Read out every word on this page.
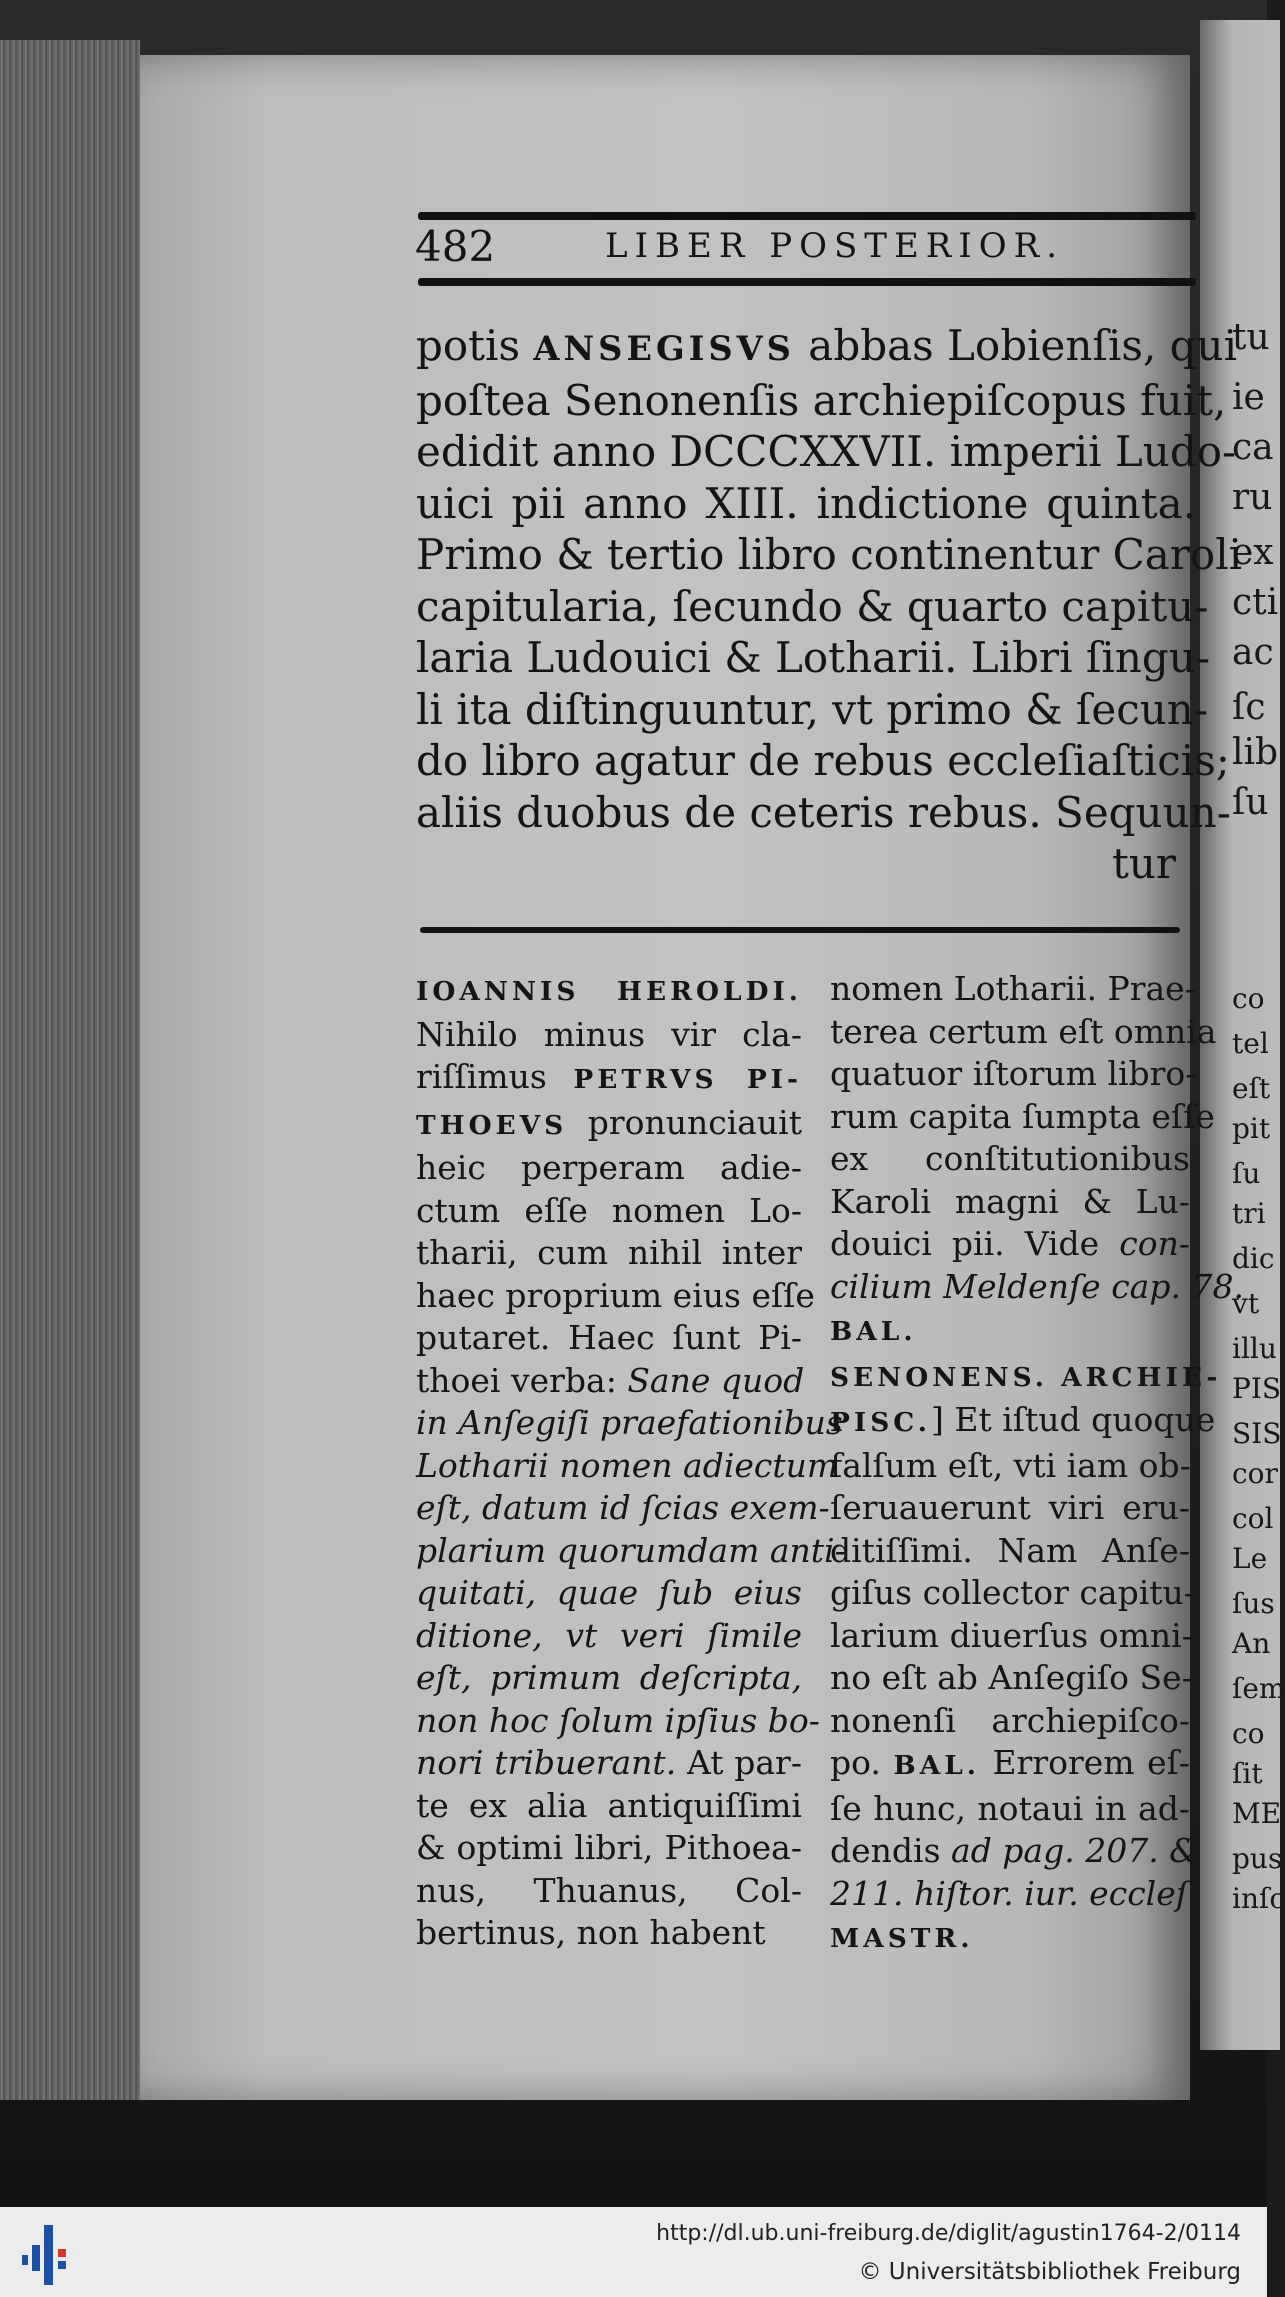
tu
ie
ca
ru
ex
cti
ac
ſc
lib
ſu
co
tel
eſt
pit
ſu
tri
dic
vt
illu
PIS
SIS
cor
col
Le
ſus
An
ſem
co
ſit
ME
pus
inſc
482	LIBER POSTERIOR.
potis ANSEGISVS abbas Lobienſis, qui
poſtea Senonenſis archiepiſcopus fuit,
edidit anno DCCCXXVII. imperii Ludo-
uici pii anno XIII. indictione quinta.
Primo & tertio libro continentur Caroli
capitularia, ſecundo & quarto capitu-
laria Ludouici & Lotharii. Libri ſingu-
li ita diſtinguuntur, vt primo & ſecun-
do libro agatur de rebus eccleſiaſticis;
aliis duobus de ceteris rebus. Sequun-
tur
IOANNIS HEROLDI.
Nihilo minus vir cla-
riſſimus PETRVS PI-
THOEVS pronunciauit
heic perperam adie-
ctum eſſe nomen Lo-
tharii, cum nihil inter
haec proprium eius eſſe
putaret. Haec ſunt Pi-
thoei verba: Sane quod
in Anſegiſi praefationibus
Lotharii nomen adiectum
eſt, datum id ſcias exem-
plarium quorumdam anti-
quitati, quae ſub eius
ditione, vt veri ſimile
eſt, primum deſcripta,
non hoc ſolum ipſius bo-
nori tribuerant. At par-
te ex alia antiquiſſimi
& optimi libri, Pithoea-
nus, Thuanus, Col-
bertinus, non habent
nomen Lotharii. Prae-
terea certum eſt omnia
quatuor iſtorum libro-
rum capita ſumpta eſſe
ex conſtitutionibus
Karoli magni & Lu-
douici pii. Vide con-
cilium Meldenſe cap. 78.
BAL.
SENONENS. ARCHIE-
PISC.] Et iſtud quoque
falſum eſt, vti iam ob-
ſeruauerunt viri eru-
ditiſſimi. Nam Anſe-
giſus collector capitu-
larium diuerſus omni-
no eſt ab Anſegiſo Se-
nonenſi archiepiſco-
po. BAL. Errorem eſ-
ſe hunc, notaui in ad-
dendis ad pag. 207. &
211. hiſtor. iur. eccleſ.
MASTR.
http://dl.ub.uni-freiburg.de/diglit/agustin1764-2/0114
© Universitätsbibliothek Freiburg
